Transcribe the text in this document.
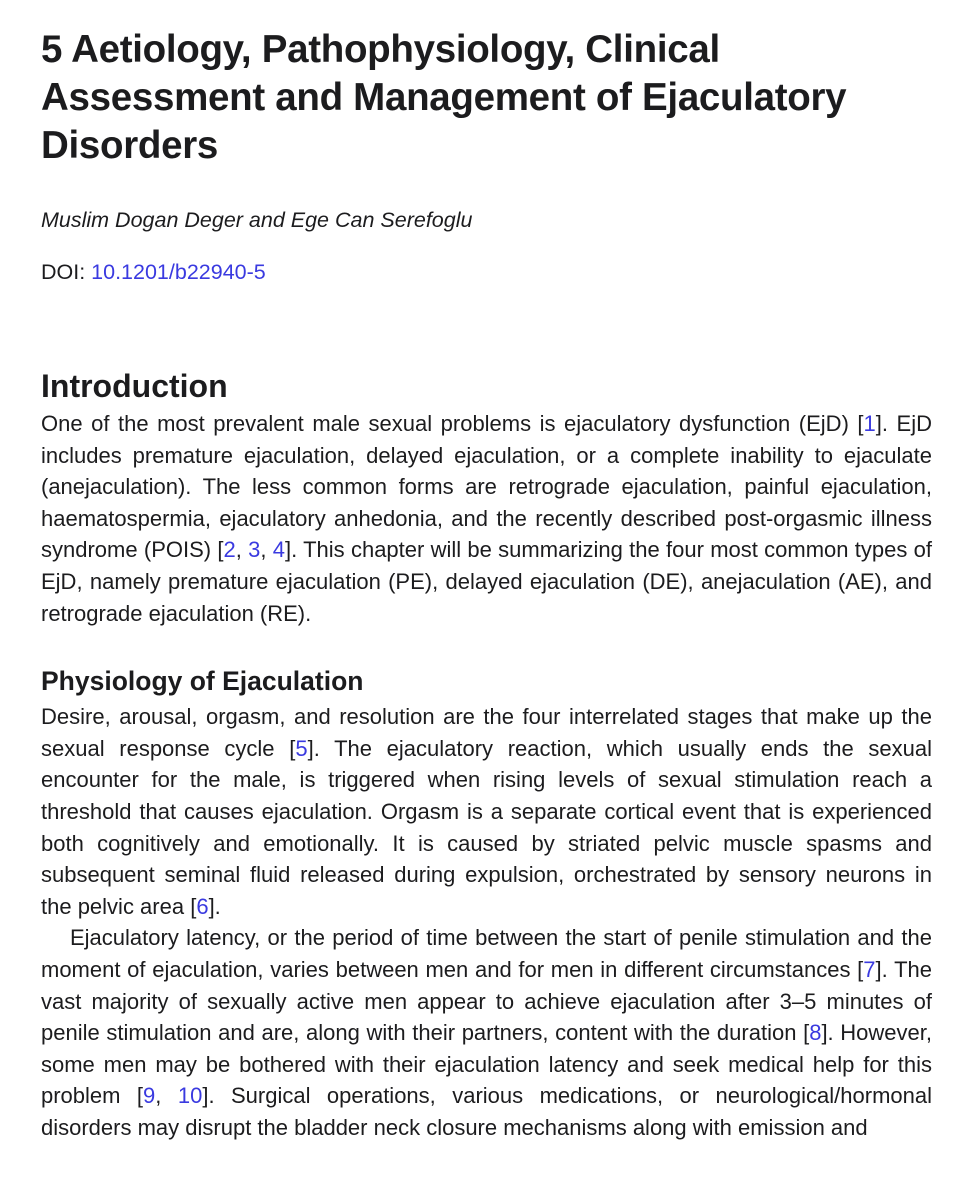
5 Aetiology, Pathophysiology, Clinical Assessment and Management of Ejaculatory Disorders
Muslim Dogan Deger and Ege Can Serefoglu
DOI: 10.1201/b22940-5
Introduction

One of the most prevalent male sexual problems is ejaculatory dysfunction (EjD) [1]. EjD includes premature ejaculation, delayed ejaculation, or a complete inability to ejaculate (anejaculation). The less common forms are retrograde ejaculation, painful ejaculation, haematospermia, ejaculatory anhedonia, and the recently described post-orgasmic illness syndrome (POIS) [2, 3, 4]. This chapter will be summarizing the four most common types of EjD, namely premature ejaculation (PE), delayed ejaculation (DE), anejaculation (AE), and retrograde ejaculation (RE).

Physiology of Ejaculation

Desire, arousal, orgasm, and resolution are the four interrelated stages that make up the sexual response cycle [5]. The ejaculatory reaction, which usually ends the sexual encounter for the male, is triggered when rising levels of sexual stimulation reach a threshold that causes ejaculation. Orgasm is a separate cortical event that is experienced both cognitively and emotionally. It is caused by striated pelvic muscle spasms and subsequent seminal fluid released during expulsion, orchestrated by sensory neurons in the pelvic area [6].

Ejaculatory latency, or the period of time between the start of penile stimulation and the moment of ejaculation, varies between men and for men in different circumstances [7]. The vast majority of sexually active men appear to achieve ejaculation after 3–5 minutes of penile stimulation and are, along with their partners, content with the duration [8]. However, some men may be bothered with their ejaculation latency and seek medical help for this problem [9, 10]. Surgical operations, various medications, or neurological/hormonal disorders may disrupt the bladder neck closure mechanisms along with emission and
